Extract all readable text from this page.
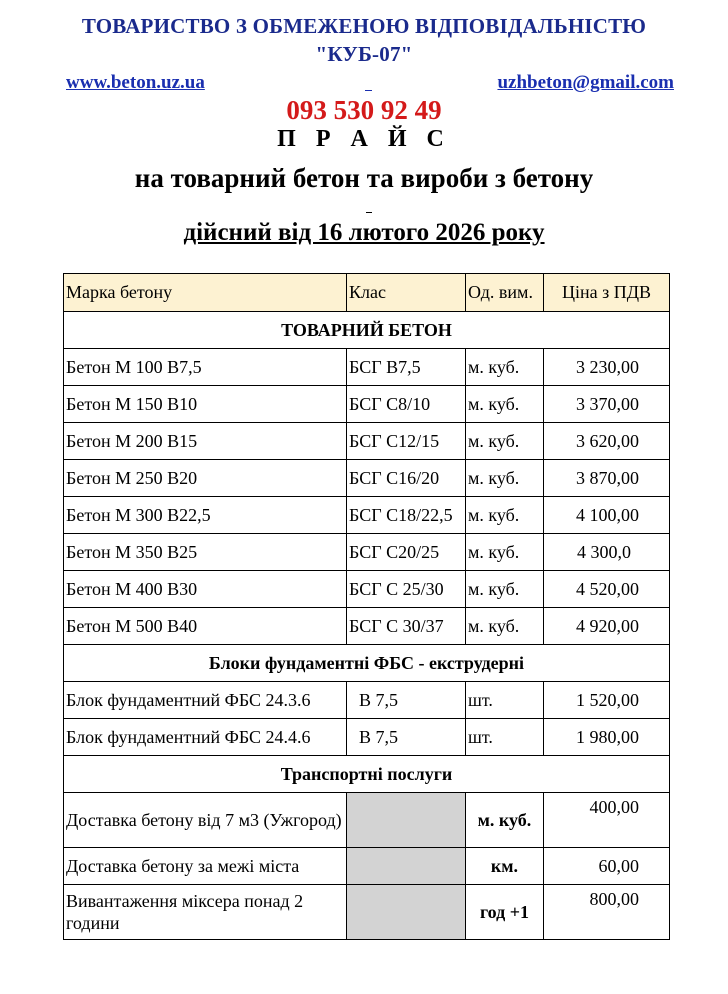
ТОВАРИСТВО З ОБМЕЖЕНОЮ ВІДПОВІДАЛЬНІСТЮ
"КУБ-07"
www.beton.uz.ua	uzhbeton@gmail.com
093 530 92 49
П Р А Й С
на товарний бетон та вироби з бетону
дійсний від 16 лютого 2026 року
Марка бетону	Клас	Од. вим.	Ціна з ПДВ
ТОВАРНИЙ БЕТОН			
Бетон М 100 В7,5	БСГ В7,5	м. куб.	3 230,00
Бетон М 150 В10	БСГ С8/10	м. куб.	3 370,00
Бетон М 200 В15	БСГ С12/15	м. куб.	3 620,00
Бетон М 250 В20	БСГ С16/20	м. куб.	3 870,00
Бетон М 300 В22,5	БСГ С18/22,5	м. куб.	4 100,00
Бетон М 350 В25	БСГ С20/25	м. куб.	4 300,0
Бетон М 400 В30	БСГ С 25/30	м. куб.	4 520,00
Бетон М 500 В40	БСГ С 30/37	м. куб.	4 920,00
Блоки фундаментні ФБС - екструдерні			
Блок фундаментний ФБС 24.3.6	В 7,5	шт.	1 520,00
Блок фундаментний ФБС 24.4.6	В 7,5	шт.	1 980,00
Транспортні послуги			
Доставка бетону від 7 м3 (Ужгород)		м. куб.	400,00
Доставка бетону за межі міста		км.	60,00
Вивантаження міксера понад 2 години		год +1	800,00
